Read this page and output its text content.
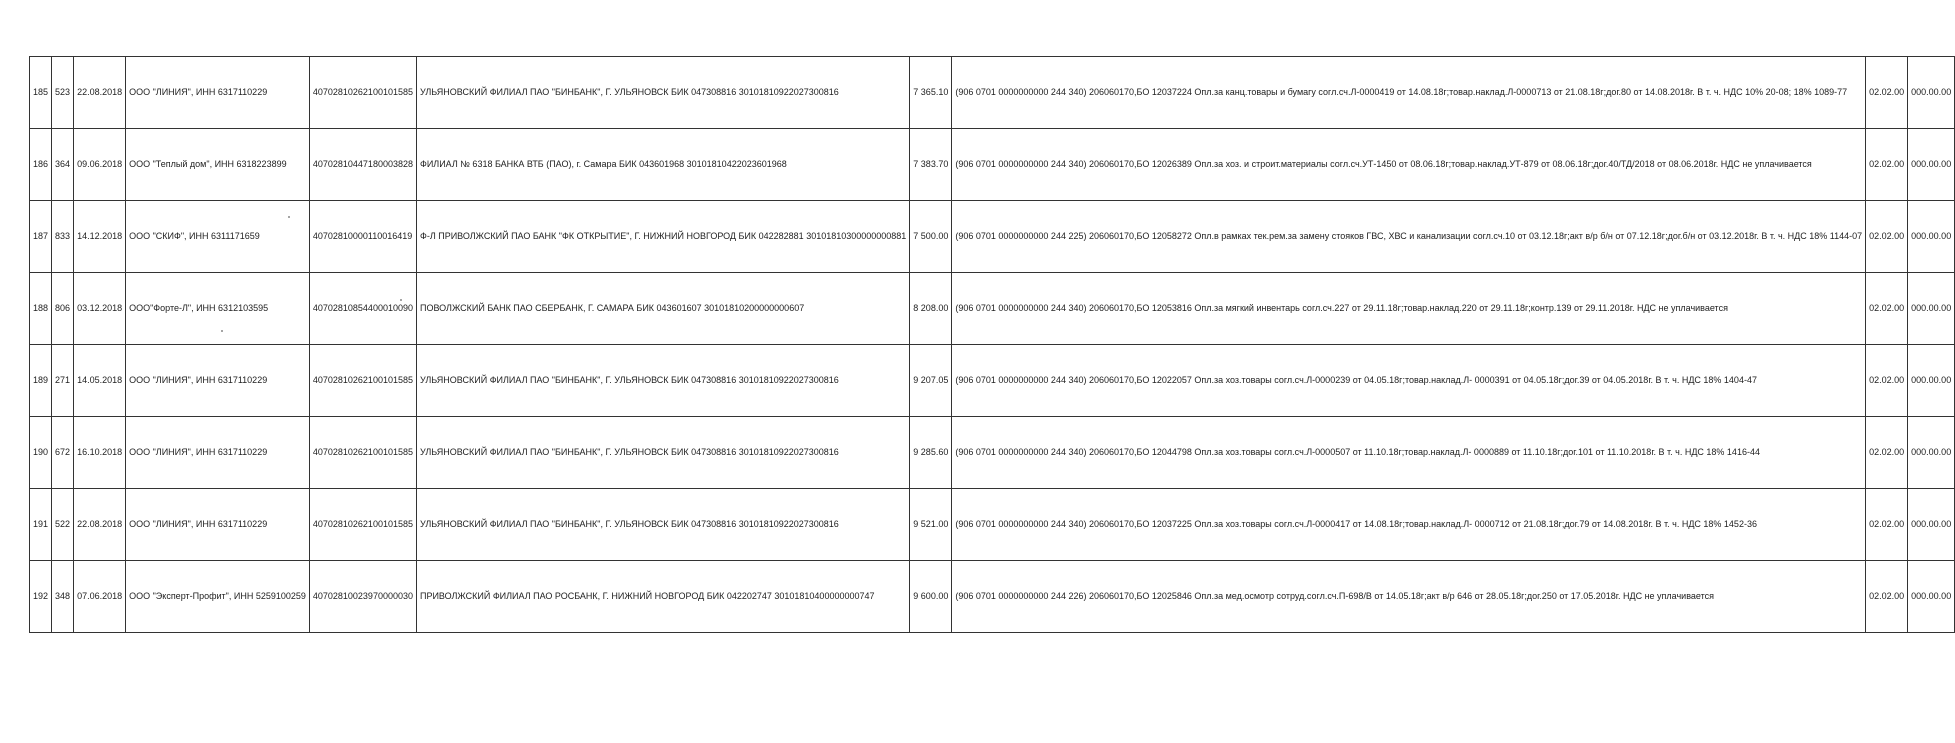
185	523	22.08.2018	ООО "ЛИНИЯ", ИНН 6317110229	40702810262100101585	УЛЬЯНОВСКИЙ ФИЛИАЛ ПАО "БИНБАНК", Г. УЛЬЯНОВСК БИК 047308816 30101810922027300816	7 365.10	(906 0701 0000000000 244 340) 206060170,БО 12037224 Опл.за канц.товары и бумагу согл.сч.Л-0000419 от 14.08.18г;товар.наклад.Л-0000713 от 21.08.18г;дог.80 от 14.08.2018г. В т. ч. НДС 10% 20-08; 18% 1089-77	02.02.00	000.00.00
186	364	09.06.2018	ООО "Теплый дом", ИНН 6318223899	40702810447180003828	ФИЛИАЛ № 6318 БАНКА ВТБ (ПАО), г. Самара БИК 043601968 30101810422023601968	7 383.70	(906 0701 0000000000 244 340) 206060170,БО 12026389 Опл.за хоз. и строит.материалы согл.сч.УТ-1450 от 08.06.18г;товар.наклад.УТ-879 от 08.06.18г;дог.40/ТД/2018 от 08.06.2018г. НДС не уплачивается	02.02.00	000.00.00
187	833	14.12.2018	ООО "СКИФ", ИНН 6311171659	40702810000110016419	Ф-Л ПРИВОЛЖСКИЙ ПАО БАНК "ФК ОТКРЫТИЕ", Г. НИЖНИЙ НОВГОРОД БИК 042282881 30101810300000000881	7 500.00	(906 0701 0000000000 244 225) 206060170,БО 12058272 Опл.в рамках тек.рем.за замену стояков ГВС, ХВС и канализации согл.сч.10 от 03.12.18г;акт в/р б/н от 07.12.18г;дог.б/н от 03.12.2018г. В т. ч. НДС 18% 1144-07	02.02.00	000.00.00
188	806	03.12.2018	ООО"Форте-Л", ИНН 6312103595	40702810854400010090	ПОВОЛЖСКИЙ БАНК ПАО СБЕРБАНК, Г. САМАРА БИК 043601607 30101810200000000607	8 208.00	(906 0701 0000000000 244 340) 206060170,БО 12053816 Опл.за мягкий инвентарь согл.сч.227 от 29.11.18г;товар.наклад.220 от 29.11.18г;контр.139 от 29.11.2018г. НДС не уплачивается	02.02.00	000.00.00
189	271	14.05.2018	ООО "ЛИНИЯ", ИНН 6317110229	40702810262100101585	УЛЬЯНОВСКИЙ ФИЛИАЛ ПАО "БИНБАНК", Г. УЛЬЯНОВСК БИК 047308816 30101810922027300816	9 207.05	(906 0701 0000000000 244 340) 206060170,БО 12022057 Опл.за хоз.товары согл.сч.Л-0000239 от 04.05.18г;товар.наклад.Л- 0000391 от 04.05.18г;дог.39 от 04.05.2018г. В т. ч. НДС 18% 1404-47	02.02.00	000.00.00
190	672	16.10.2018	ООО "ЛИНИЯ", ИНН 6317110229	40702810262100101585	УЛЬЯНОВСКИЙ ФИЛИАЛ ПАО "БИНБАНК", Г. УЛЬЯНОВСК БИК 047308816 30101810922027300816	9 285.60	(906 0701 0000000000 244 340) 206060170,БО 12044798 Опл.за хоз.товары согл.сч.Л-0000507 от 11.10.18г;товар.наклад.Л- 0000889 от 11.10.18г;дог.101 от 11.10.2018г. В т. ч. НДС 18% 1416-44	02.02.00	000.00.00
191	522	22.08.2018	ООО "ЛИНИЯ", ИНН 6317110229	40702810262100101585	УЛЬЯНОВСКИЙ ФИЛИАЛ ПАО "БИНБАНК", Г. УЛЬЯНОВСК БИК 047308816 30101810922027300816	9 521.00	(906 0701 0000000000 244 340) 206060170,БО 12037225 Опл.за хоз.товары согл.сч.Л-0000417 от 14.08.18г;товар.наклад.Л- 0000712 от 21.08.18г;дог.79 от 14.08.2018г. В т. ч. НДС 18% 1452-36	02.02.00	000.00.00
192	348	07.06.2018	ООО "Эксперт-Профит", ИНН 5259100259	40702810023970000030	ПРИВОЛЖСКИЙ ФИЛИАЛ ПАО РОСБАНК, Г. НИЖНИЙ НОВГОРОД БИК 042202747 30101810400000000747	9 600.00	(906 0701 0000000000 244 226) 206060170,БО 12025846 Опл.за мед.осмотр сотруд.согл.сч.П-698/В от 14.05.18г;акт в/р 646 от 28.05.18г;дог.250 от 17.05.2018г. НДС не уплачивается	02.02.00	000.00.00
